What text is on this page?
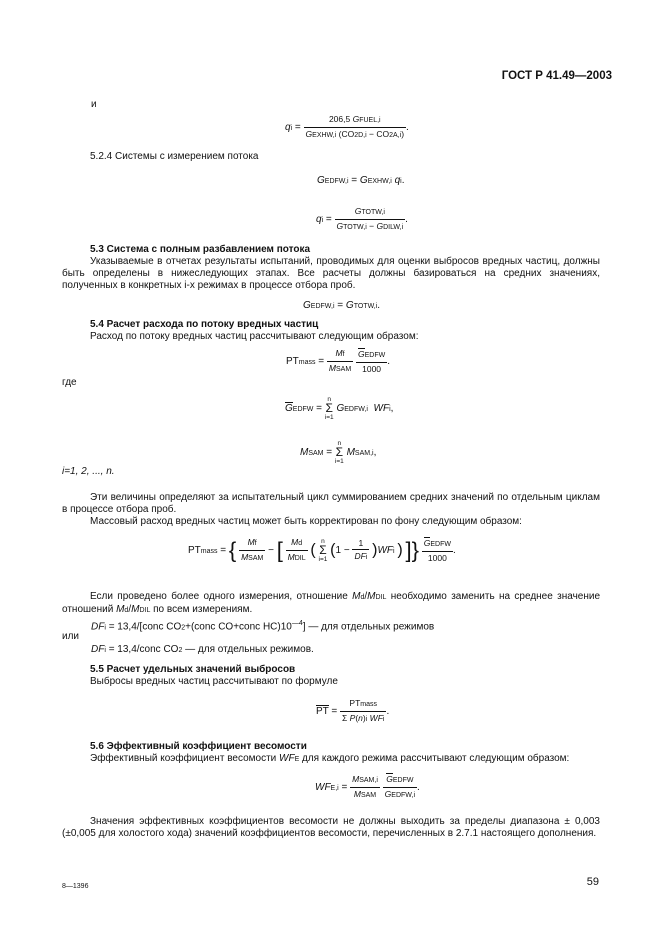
ГОСТ Р 41.49—2003
и
qi = $\frac{\text{206,5 GFUEL,i}}{\text{GEXHW,i (CO2D,i − CO2A,i)}}$ .
5.2.4 Системы с измерением потока
GEDFW,i = GEXHW,i qi.
qi = $\frac{\text{GTOTW,i}}{\text{GTOTW,i − GDILW,i}}$ .
5.3 Система с полным разбавлением потока
Указываемые в отчетах результаты испытаний, проводимых для оценки выбросов вредных частиц, должны быть определены в нижеследующих этапах. Все расчеты должны базироваться на средних значениях, полученных в конкретных i-x режимах в процессе отбора проб.
GEDFW,i = GTOTW,i.
5.4 Расчет расхода по потоку вредных частиц
Расход по потоку вредных частиц рассчитывают следующим образом:
PTmass = $\frac{Mf}{\text{MSAM}}$
$\frac{\text{GEDFW}}{1000}$ .
где
GEDFW = n
Σ
i=1 GEDFW,i WFi,
MSAM = n
Σ
i=1 MSAM,i,
i=1, 2, ..., n.
Эти величины определяют за испытательный цикл суммированием средних значений по отдельным циклам в процессе отбора проб.
Массовый расход вредных частиц может быть корректирован по фону следующим образом:
PTmass = { $\frac{Mf}{\text{MSAM}}$ − [ $\frac{Md}{\text{MDIL}}$ ( n
Σ
i=1 $(1 - \frac{1}{\text{DFi}} )WFi$ ) ]} $\frac{\text{GEDFW}}{1000}$ .
Если проведено более одного измерения, отношение Md/MDIL необходимо заменить на среднее значение отношений Md/MDIL по всем измерениям.
DFi = 13,4/[conc CO2+(conc CO+conc $HC)10^{—4}$] — для отдельных режимов
или
DFi = 13,4/conc CO2 — для отдельных режимов.
5.5 Расчет удельных значений выбросов
Выбросы вредных частиц рассчитывают по формуле
PT = $\frac{\text{PTmass}}{\text{Σ P(n)i WFi}}$ .
5.6 Эффективный коэффициент весомости
Эффективный коэффициент весомости WFE для каждого режима рассчитывают следующим образом:
$WFE,i = \frac{\text{MSAM,i}}{\text{MSAM}}$
$\frac{\text{GEDFW}}{\text{GEDFW,i}}$ .
Значения эффективных коэффициентов весомости не должны выходить за пределы диапазона ± 0,003 (±0,005 для холостого хода) значений коэффициентов весомости, перечисленных в 2.7.1 настоящего дополнения.
8—1396	59
